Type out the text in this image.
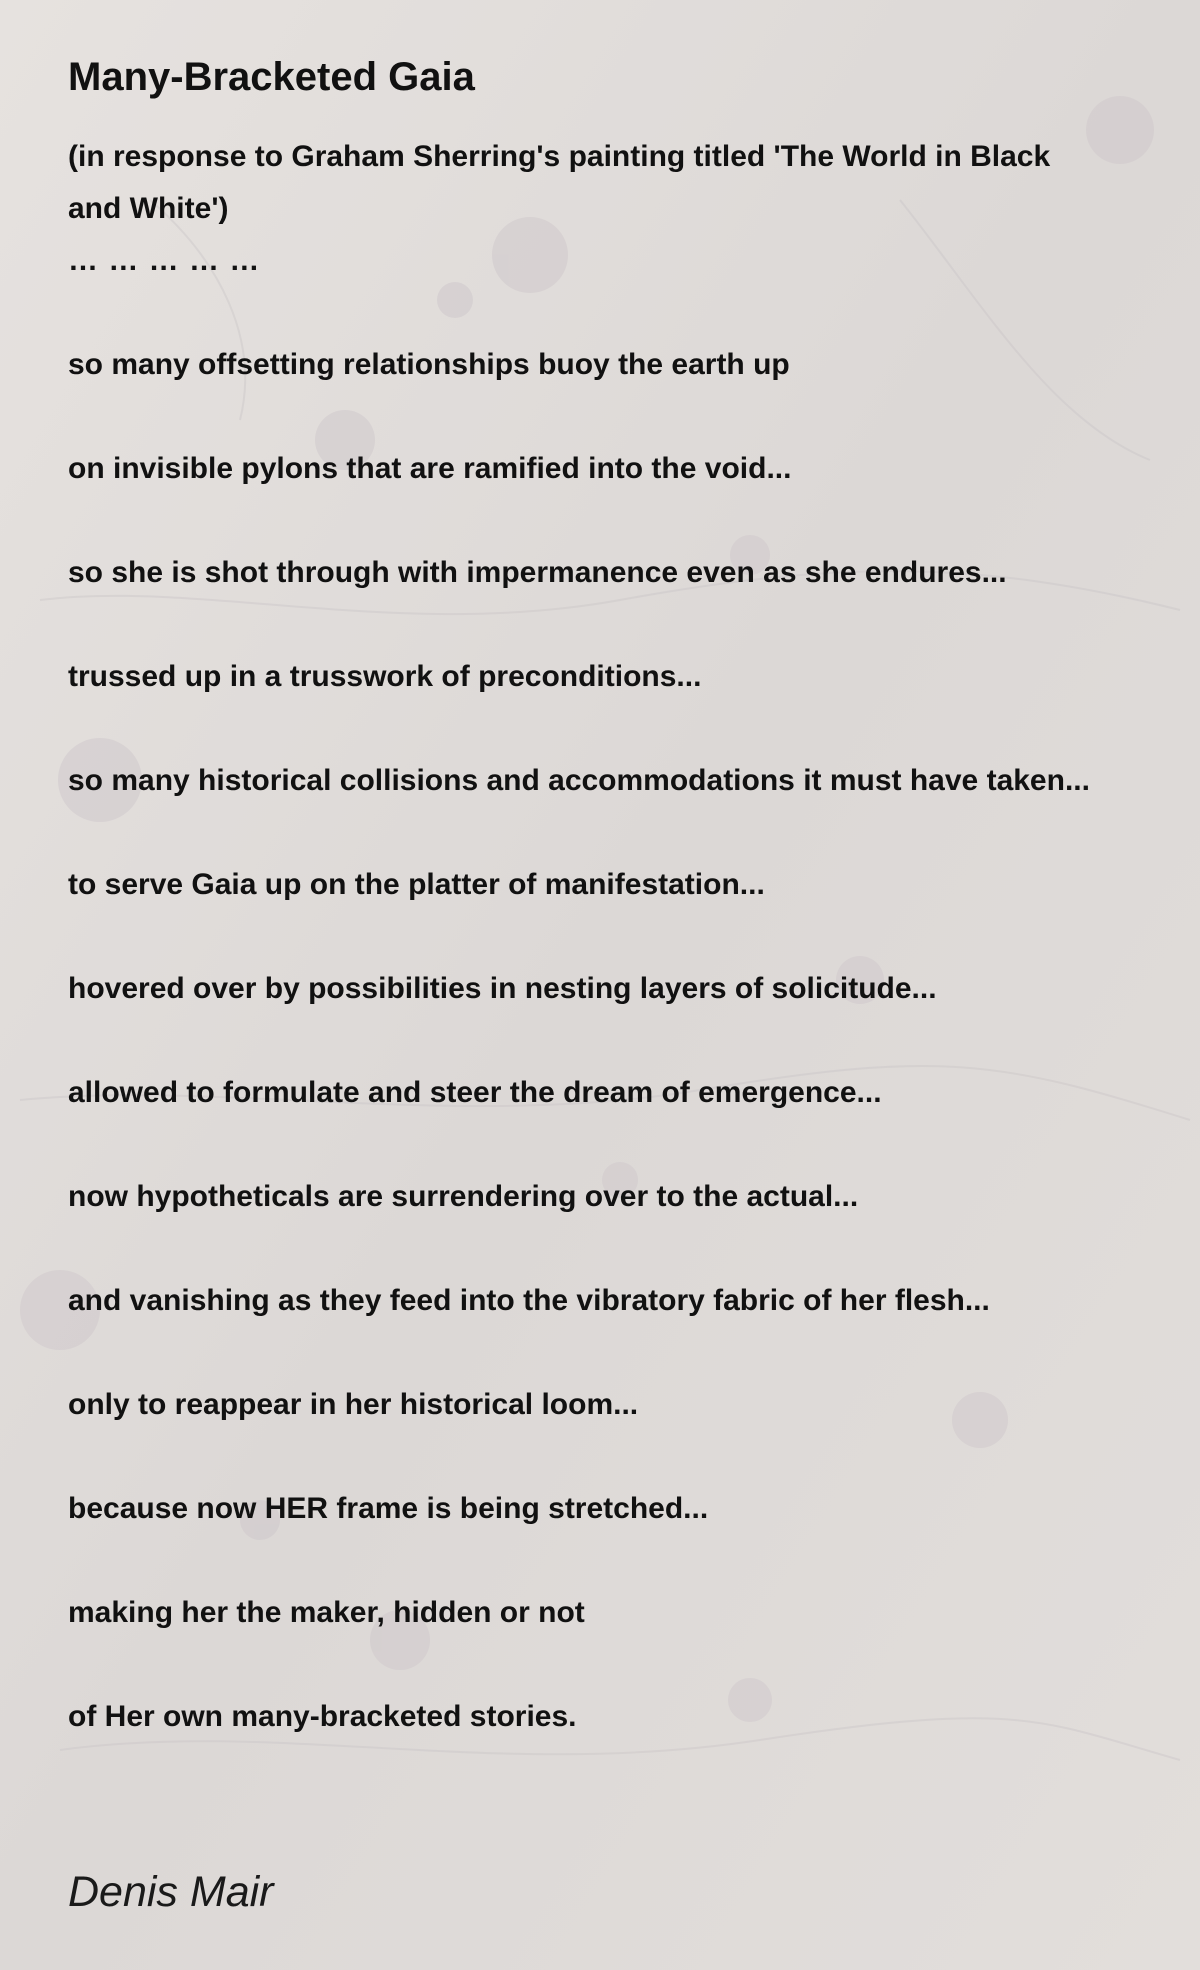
Many-Bracketed Gaia
(in response to Graham Sherring's painting titled 'The World in Black and White')
… … … … …
so many offsetting relationships buoy the earth up
on invisible pylons that are ramified into the void...
so she is shot through with impermanence even as she endures...
trussed up in a trusswork of preconditions...
so many historical collisions and accommodations it must have taken...
to serve Gaia up on the platter of manifestation...
hovered over by possibilities in nesting layers of solicitude...
allowed to formulate and steer the dream of emergence...
now hypotheticals are surrendering over to the actual...
and vanishing as they feed into the vibratory fabric of her flesh...
only to reappear in her historical loom...
because now HER frame is being stretched...
making her the maker, hidden or not
of Her own many-bracketed stories.
Denis Mair
